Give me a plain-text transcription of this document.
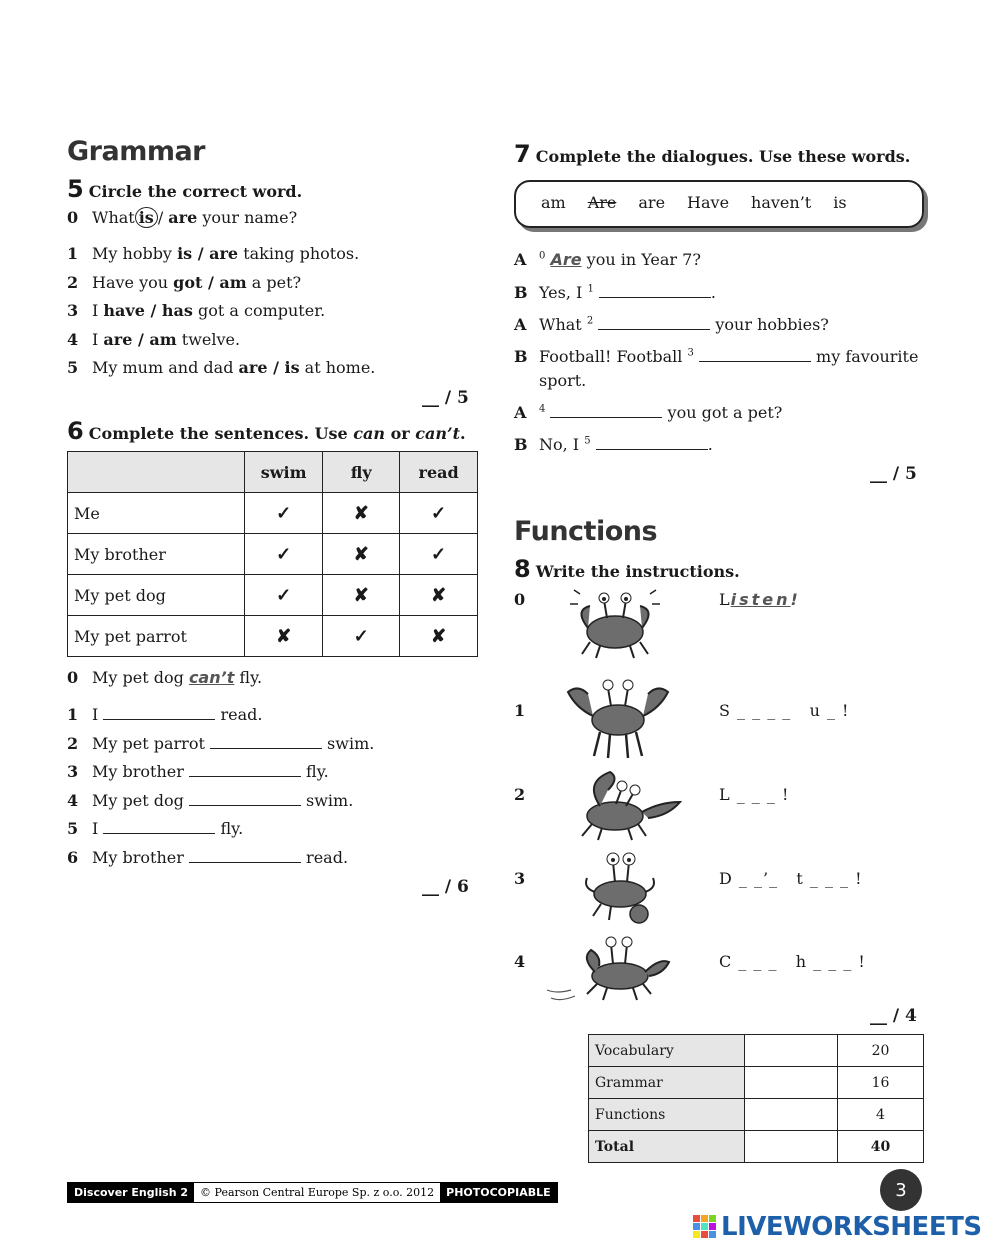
Grammar
5 Circle the correct word.
0 What is / are your name?
1 My hobby is / are taking photos.
2 Have you got / am a pet?
3 I have / has got a computer.
4 I are / am twelve.
5 My mum and dad are / is at home.
__ / 5
6 Complete the sentences. Use can or can’t.
	swim	fly	read
Me	✓	✘	✓
My brother	✓	✘	✓
My pet dog	✓	✘	✘
My pet parrot	✘	✓	✘
0 My pet dog can’t fly.
1 I	read.
2 My pet parrot	swim.
3 My brother	fly.
4 My pet dog	swim.
5 I	fly.
6 My brother	read.
__ / 6
7 Complete the dialogues. Use these words.
am Are are Have haven’t is
A $^0$ Are you in Year 7?
B Yes, I $^1$	.
A What $^2$	your hobbies?
B Football! Football $^3$	my favourite
sport.
A $^4$	you got a pet?
B No, I $^5$	.
__ / 5
Functions
8 Write the instructions.
0
1
2
3
4
Listen!
S _ _ _ _   u _ !
L _ _ _ !
D _ _’_   t _ _ _ !
C _ _ _   h _ _ _ !
__ / 4
Vocabulary		20
Grammar		16
Functions		4
Total		40
Discover English 2	© Pearson Central Europe Sp. z o.o. 2012	PHOTOCOPIABLE	3
LIVEWORKSHEETS
